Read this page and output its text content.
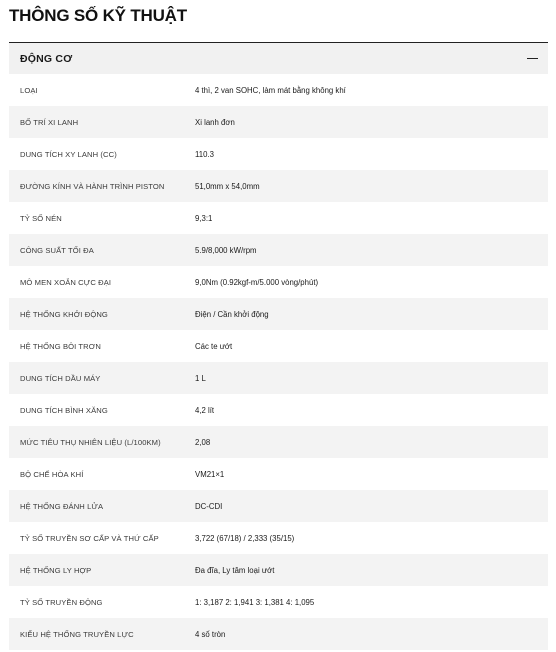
THÔNG SỐ KỸ THUẬT
ĐỘNG CƠ
LOẠI	4 thì, 2 van SOHC, làm mát bằng không khí
BỐ TRÍ XI LANH	Xi lanh đơn
DUNG TÍCH XY LANH (CC)	110.3
ĐƯỜNG KÍNH VÀ HÀNH TRÌNH PISTON	51,0mm x 54,0mm
TỶ SỐ NÉN	9,3:1
CÔNG SUẤT TỐI ĐA	5.9/8,000 kW/rpm
MÔ MEN XOẮN CỰC ĐẠI	9,0Nm (0.92kgf-m/5.000 vòng/phút)
HỆ THỐNG KHỞI ĐỘNG	Điện / Cần khởi động
HỆ THỐNG BÔI TRƠN	Các te ướt
DUNG TÍCH DẦU MÁY	1 L
DUNG TÍCH BÌNH XĂNG	4,2 lít
MỨC TIÊU THỤ NHIÊN LIỆU (L/100KM)	2,08
BỘ CHẾ HÒA KHÍ	VM21×1
HỆ THỐNG ĐÁNH LỬA	DC-CDI
TỶ SỐ TRUYỀN SƠ CẤP VÀ THỨ CẤP	3,722 (67/18) / 2,333 (35/15)
HỆ THỐNG LY HỢP	Đa đĩa, Ly tâm loại ướt
TỶ SỐ TRUYỀN ĐỘNG	1: 3,187 2: 1,941 3: 1,381 4: 1,095
KIỂU HỆ THỐNG TRUYỀN LỰC	4 số tròn
